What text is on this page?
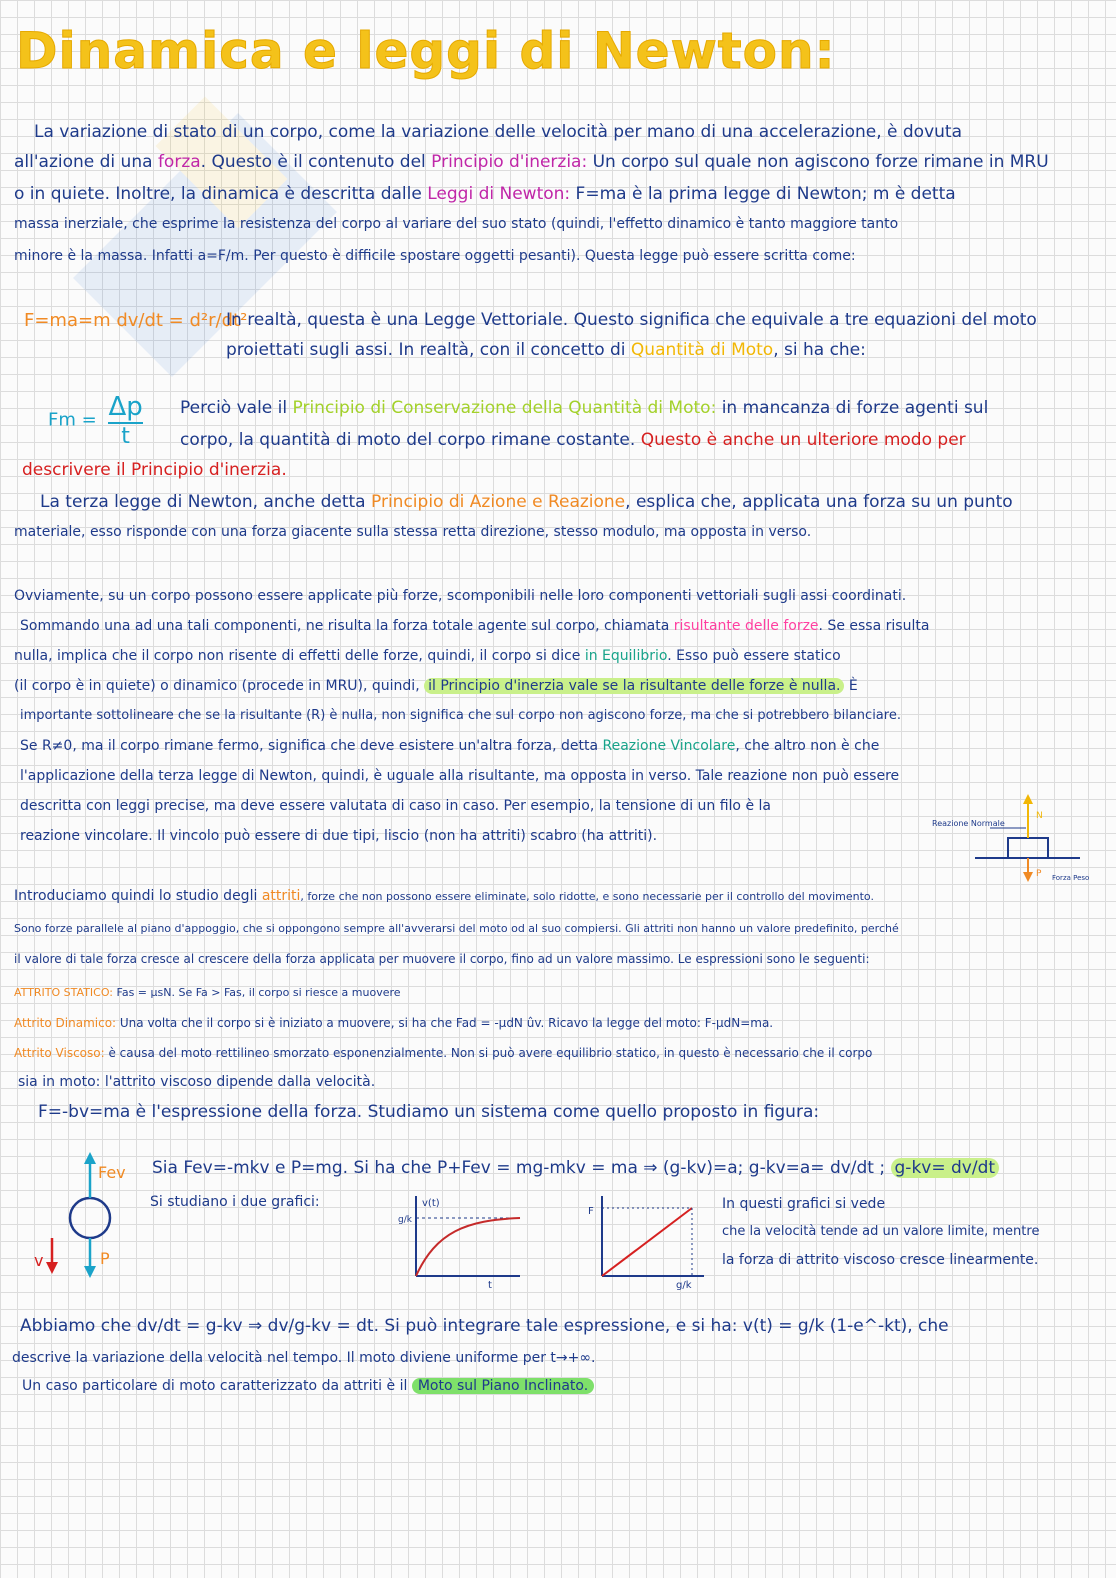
Dinamica e leggi di Newton:
La variazione di stato di un corpo, come la variazione delle velocità per mano di una accelerazione, è dovuta
all'azione di una forza. Questo è il contenuto del Principio d'inerzia: Un corpo sul quale non agiscono forze rimane in MRU
o in quiete. Inoltre, la dinamica è descritta dalle Leggi di Newton: F=ma è la prima legge di Newton; m è detta
massa inerziale, che esprime la resistenza del corpo al variare del suo stato (quindi, l'effetto dinamico è tanto maggiore tanto
minore è la massa. Infatti a=F/m. Per questo è difficile spostare oggetti pesanti). Questa legge può essere scritta come:
F=ma=m dv/dt = d²r/dt²
In realtà, questa è una Legge Vettoriale. Questo significa che equivale a tre equazioni del moto
proiettati sugli assi. In realtà, con il concetto di Quantità di Moto, si ha che:
Fm = Δp
t
Perciò vale il Principio di Conservazione della Quantità di Moto: in mancanza di forze agenti sul
corpo, la quantità di moto del corpo rimane costante. Questo è anche un ulteriore modo per
descrivere il Principio d'inerzia.
La terza legge di Newton, anche detta Principio di Azione e Reazione, esplica che, applicata una forza su un punto
materiale, esso risponde con una forza giacente sulla stessa retta direzione, stesso modulo, ma opposta in verso.
Ovviamente, su un corpo possono essere applicate più forze, scomponibili nelle loro componenti vettoriali sugli assi coordinati.
Sommando una ad una tali componenti, ne risulta la forza totale agente sul corpo, chiamata risultante delle forze. Se essa risulta
nulla, implica che il corpo non risente di effetti delle forze, quindi, il corpo si dice in Equilibrio. Esso può essere statico
(il corpo è in quiete) o dinamico (procede in MRU), quindi, il Principio d'inerzia vale se la risultante delle forze è nulla. È
importante sottolineare che se la risultante (R) è nulla, non significa che sul corpo non agiscono forze, ma che si potrebbero bilanciare.
Se R≠0, ma il corpo rimane fermo, significa che deve esistere un'altra forza, detta Reazione Vincolare, che altro non è che
l'applicazione della terza legge di Newton, quindi, è uguale alla risultante, ma opposta in verso. Tale reazione non può essere
descritta con leggi precise, ma deve essere valutata di caso in caso. Per esempio, la tensione di un filo è la
reazione vincolare. Il vincolo può essere di due tipi, liscio (non ha attriti) scabro (ha attriti).
Reazione Normale
N
P Forza Peso
Introduciamo quindi lo studio degli attriti, forze che non possono essere eliminate, solo ridotte, e sono necessarie per il controllo del movimento.
Sono forze parallele al piano d'appoggio, che si oppongono sempre all'avverarsi del moto od al suo compiersi. Gli attriti non hanno un valore predefinito, perché
il valore di tale forza cresce al crescere della forza applicata per muovere il corpo, fino ad un valore massimo. Le espressioni sono le seguenti:
ATTRITO STATICO: Fas = μsN. Se Fa > Fas, il corpo si riesce a muovere
Attrito Dinamico: Una volta che il corpo si è iniziato a muovere, si ha che Fad = -μdN ûv. Ricavo la legge del moto: F-μdN=ma.
Attrito Viscoso: è causa del moto rettilineo smorzato esponenzialmente. Non si può avere equilibrio statico, in questo è necessario che il corpo
sia in moto: l'attrito viscoso dipende dalla velocità.
F=-bv=ma è l'espressione della forza. Studiamo un sistema come quello proposto in figura:
Fev
v	P
Sia Fev=-mkv e P=mg. Si ha che P+Fev = mg-mkv = ma ⇒ (g-kv)=a; g-kv=a= dv/dt ; g-kv= dv/dt
Si studiano i due grafici:	v(t)
g/k
t
F
g/k
In questi grafici si vede
che la velocità tende ad un valore limite, mentre
la forza di attrito viscoso cresce linearmente.
Abbiamo che dv/dt = g-kv ⇒ dv/g-kv = dt. Si può integrare tale espressione, e si ha: v(t) = g/k (1-e^-kt), che
descrive la variazione della velocità nel tempo. Il moto diviene uniforme per t→+∞.
Un caso particolare di moto caratterizzato da attriti è il Moto sul Piano Inclinato.
